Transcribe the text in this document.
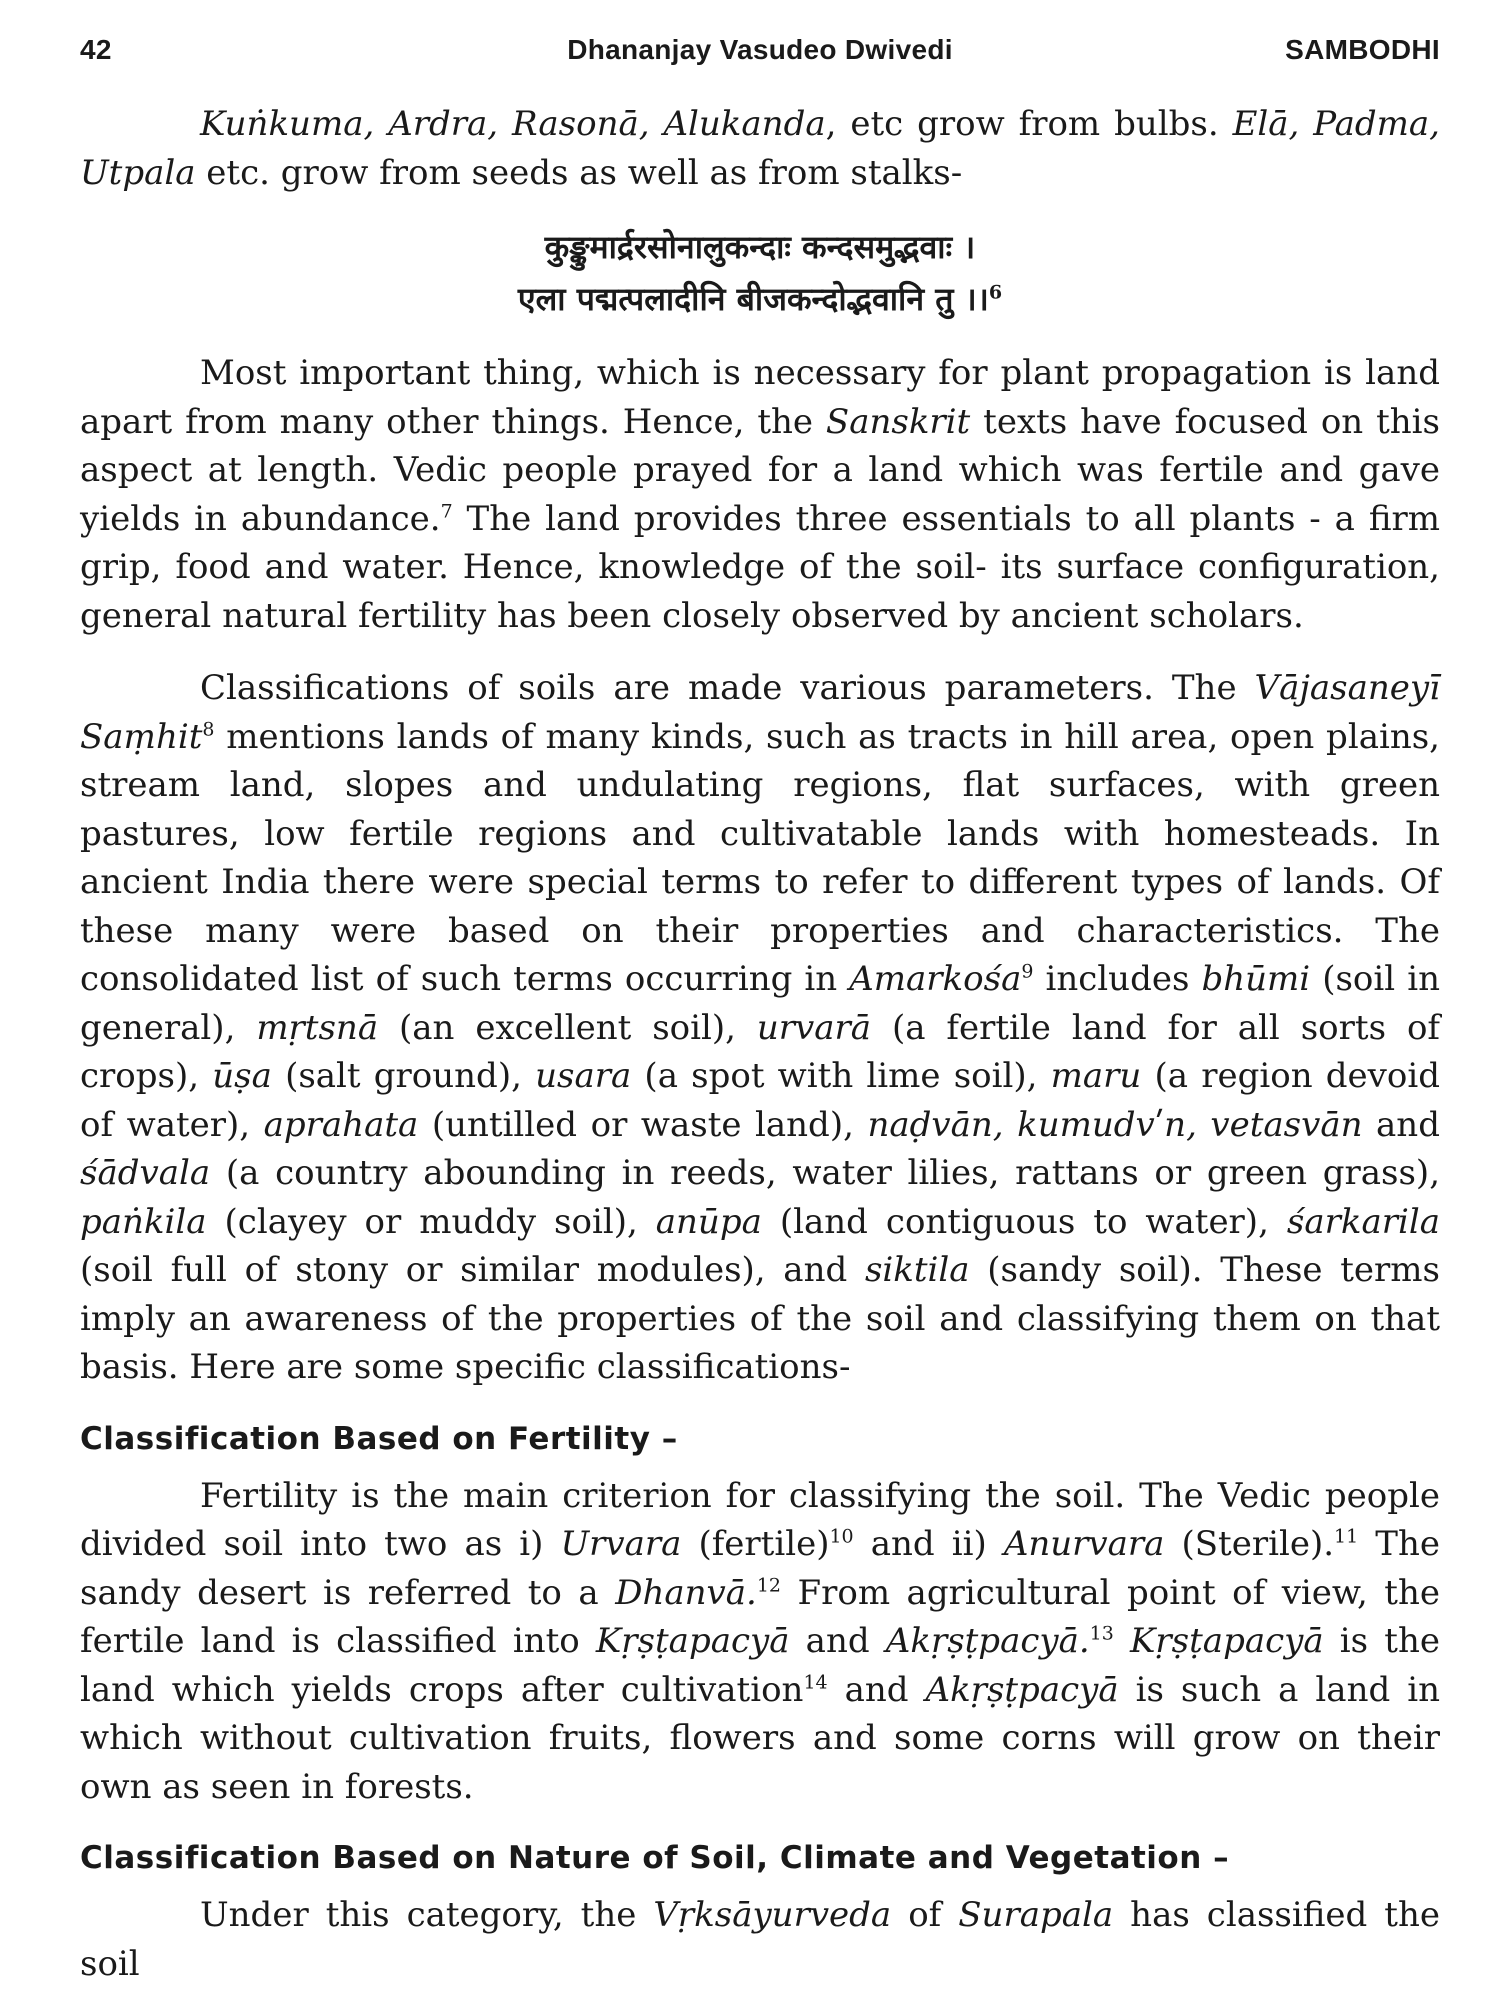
42	Dhananjay Vasudeo Dwivedi	SAMBODHI

Kuṅkuma, Ardra, Rasonā, Alukanda, etc grow from bulbs. Elā, Padma, Utpala etc. grow from seeds as well as from stalks-

कुङ्कुमार्द्ररसोनालुकन्दाः कन्दसमुद्भवाः ।
एला पद्मत्पलादीनि बीजकन्दोद्भवानि तु ।।$^6$

Most important thing, which is necessary for plant propagation is land apart from many other things. Hence, the Sanskrit texts have focused on this aspect at length. Vedic people prayed for a land which was fertile and gave yields in abundance.$^7$ The land provides three essentials to all plants - a firm grip, food and water. Hence, knowledge of the soil- its surface configuration, general natural fertility has been closely observed by ancient scholars.

Classifications of soils are made various parameters. The Vājasaneyī Saṃhit$^8$ mentions lands of many kinds, such as tracts in hill area, open plains, stream land, slopes and undulating regions, flat surfaces, with green pastures, low fertile regions and cultivatable lands with homesteads. In ancient India there were special terms to refer to different types of lands. Of these many were based on their properties and characteristics. The consolidated list of such terms occurring in Amarkośa$^9$ includes bhūmi (soil in general), mṛtsnā (an excellent soil), urvarā (a fertile land for all sorts of crops), ūṣa (salt ground), usara (a spot with lime soil), maru (a region devoid of water), aprahata (untilled or waste land), naḍvān, kumudvʹn, vetasvān and śādvala (a country abounding in reeds, water lilies, rattans or green grass), paṅkila (clayey or muddy soil), anūpa (land contiguous to water), śarkarila (soil full of stony or similar modules), and siktila (sandy soil). These terms imply an awareness of the properties of the soil and classifying them on that basis. Here are some specific classifications-

Classification Based on Fertility –

Fertility is the main criterion for classifying the soil. The Vedic people divided soil into two as i) Urvara (fertile)$^{10}$ and ii) Anurvara (Sterile).$^{11}$ The sandy desert is referred to a Dhanvā.$^{12}$ From agricultural point of view, the fertile land is classified into Kṛṣṭapacyā and Akṛṣṭpacyā.$^{13}$ Kṛṣṭapacyā is the land which yields crops after cultivation$^{14}$ and Akṛṣṭpacyā is such a land in which without cultivation fruits, flowers and some corns will grow on their own as seen in forests.

Classification Based on Nature of Soil, Climate and Vegetation –

Under this category, the Vṛksāyurveda of Surapala has classified the soil
